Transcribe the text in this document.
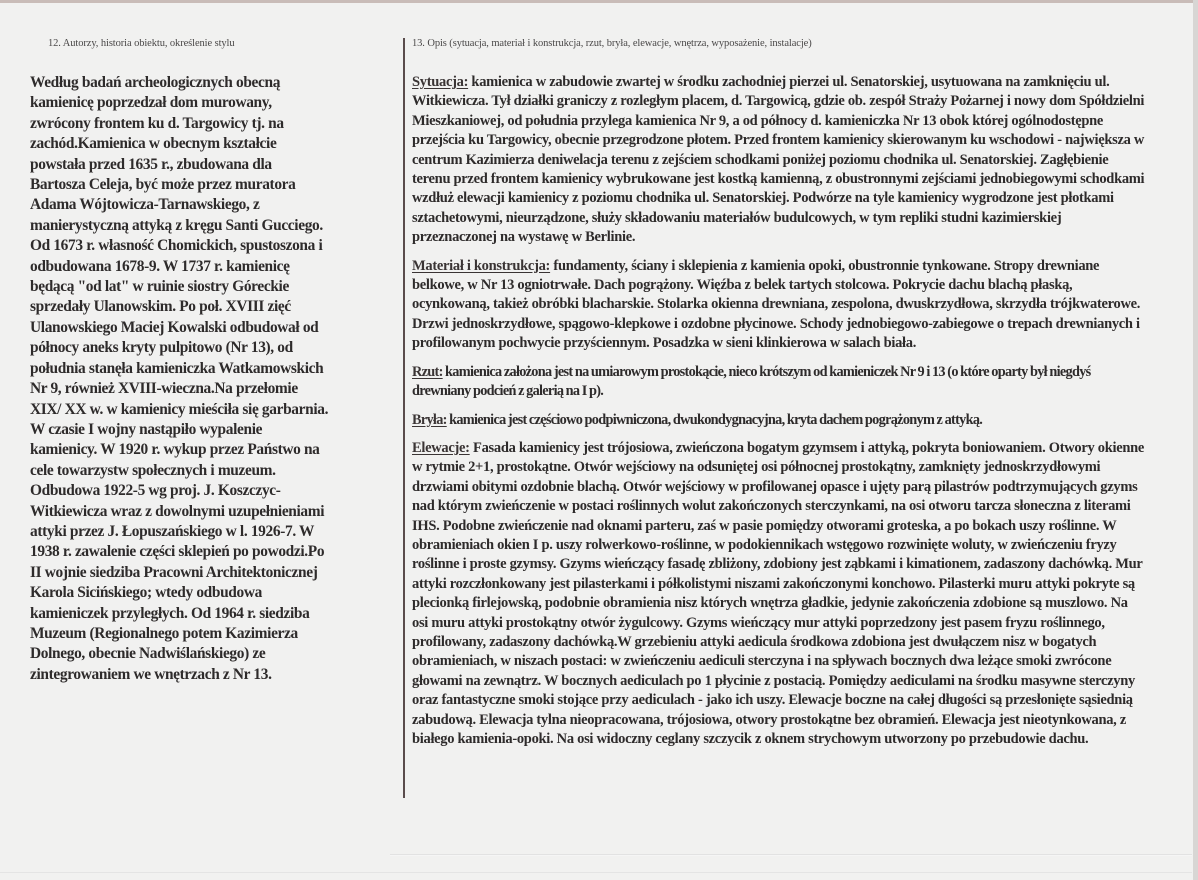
12. Autorzy, historia obiektu, określenie stylu
Według badań archeologicznych obecną kamienicę poprzedzał dom murowany, zwrócony frontem ku d. Targowicy tj. na zachód.Kamienica w obecnym kształcie powstała przed 1635 r., zbudowana dla Bartosza Celeja, być może przez muratora Adama Wójtowicza-Tarnawskiego, z manierystyczną attyką z kręgu Santi Gucciego. Od 1673 r. własność Chomickich, spustoszona i odbudowana 1678-9. W 1737 r. kamienicę będącą "od lat" w ruinie siostry Góreckie sprzedały Ulanowskim. Po poł. XVIII zięć Ulanowskiego Maciej Kowalski odbudował od północy aneks kryty pulpitowo (Nr 13), od południa stanęła kamieniczka Watkamowskich Nr 9, również XVIII-wieczna.Na przełomie XIX/ XX w. w kamienicy mieściła się garbarnia. W czasie I wojny nastąpiło wypalenie kamienicy. W 1920 r. wykup przez Państwo na cele towarzystw społecznych i muzeum. Odbudowa 1922-5 wg proj. J. Koszczyc-Witkiewicza wraz z dowolnymi uzupełnieniami attyki przez J. Łopuszańskiego w l. 1926-7. W 1938 r. zawalenie części sklepień po powodzi.Po II wojnie siedziba Pracowni Architektonicznej Karola Sicińskiego; wtedy odbudowa kamieniczek przyległych. Od 1964 r. siedziba Muzeum (Regionalnego potem Kazimierza Dolnego, obecnie Nadwiślańskiego) ze zintegrowaniem we wnętrzach z Nr 13.
13. Opis (sytuacja, materiał i konstrukcja, rzut, bryła, elewacje, wnętrza, wyposażenie, instalacje)

Sytuacja: kamienica w zabudowie zwartej w środku zachodniej pierzei ul. Senatorskiej, usytuowana na zamknięciu ul. Witkiewicza. Tył działki graniczy z rozległym placem, d. Targowicą, gdzie ob. zespół Straży Pożarnej i nowy dom Spółdzielni Mieszkaniowej, od południa przylega kamienica Nr 9, a od północy d. kamieniczka Nr 13 obok której ogólnodostępne przejścia ku Targowicy, obecnie przegrodzone płotem. Przed frontem kamienicy skierowanym ku wschodowi - największa w centrum Kazimierza deniwelacja terenu z zejściem schodkami poniżej poziomu chodnika ul. Senatorskiej. Zagłębienie terenu przed frontem kamienicy wybrukowane jest kostką kamienną, z obustronnymi zejściami jednobiegowymi schodkami wzdłuż elewacji kamienicy z poziomu chodnika ul. Senatorskiej. Podwórze na tyle kamienicy wygrodzone jest płotkami sztachetowymi, nieurządzone, służy składowaniu materiałów budulcowych, w tym repliki studni kazimierskiej przeznaczonej na wystawę w Berlinie.

Materiał i konstrukcja: fundamenty, ściany i sklepienia z kamienia opoki, obustronnie tynkowane. Stropy drewniane belkowe, w Nr 13 ogniotrwałe. Dach pogrążony. Więźba z belek tartych stolcowa. Pokrycie dachu blachą płaską, ocynkowaną, takież obróbki blacharskie. Stolarka okienna drewniana, zespolona, dwuskrzydłowa, skrzydła trójkwaterowe. Drzwi jednoskrzydłowe, spągowo-klepkowe i ozdobne płycinowe. Schody jednobiegowo-zabiegowe o trepach drewnianych i profilowanym pochwycie przyściennym. Posadzka w sieni klinkierowa w salach biała.

Rzut: kamienica założona jest na umiarowym prostokącie, nieco krótszym od kamieniczek Nr 9 i 13 (o które oparty był niegdyś drewniany podcień z galerią na I p).

Bryła: kamienica jest częściowo podpiwniczona, dwukondygnacyjna, kryta dachem pogrążonym z attyką.

Elewacje: Fasada kamienicy jest trójosiowa, zwieńczona bogatym gzymsem i attyką, pokryta boniowaniem. Otwory okienne w rytmie 2+1, prostokątne. Otwór wejściowy na odsuniętej osi północnej prostokątny, zamknięty jednoskrzydłowymi drzwiami obitymi ozdobnie blachą. Otwór wejściowy w profilowanej opasce i ujęty parą pilastrów podtrzymujących gzyms nad którym zwieńczenie w postaci roślinnych wolut zakończonych sterczynkami, na osi otworu tarcza słoneczna z literami IHS. Podobne zwieńczenie nad oknami parteru, zaś w pasie pomiędzy otworami groteska, a po bokach uszy roślinne. W obramieniach okien I p. uszy rolwerkowo-roślinne, w podokiennikach wstęgowo rozwinięte woluty, w zwieńczeniu fryzy roślinne i proste gzymsy. Gzyms wieńczący fasadę zbliżony, zdobiony jest ząbkami i kimationem, zadaszony dachówką. Mur attyki rozczłonkowany jest pilasterkami i półkolistymi niszami zakończonymi konchowo. Pilasterki muru attyki pokryte są plecionką firlejowską, podobnie obramienia nisz których wnętrza gładkie, jedynie zakończenia zdobione są muszlowo. Na osi muru attyki prostokątny otwór żygulcowy. Gzyms wieńczący mur attyki poprzedzony jest pasem fryzu roślinnego, profilowany, zadaszony dachówką.W grzebieniu attyki aedicula środkowa zdobiona jest dwułączem nisz w bogatych obramieniach, w niszach postaci: w zwieńczeniu aediculi sterczyna i na spływach bocznych dwa leżące smoki zwrócone głowami na zewnątrz. W bocznych aediculach po 1 płycinie z postacią. Pomiędzy aediculami na środku masywne sterczyny oraz fantastyczne smoki stojące przy aediculach - jako ich uszy. Elewacje boczne na całej długości są przesłonięte sąsiednią zabudową. Elewacja tylna nieopracowana, trójosiowa, otwory prostokątne bez obramień. Elewacja jest nieotynkowana, z białego kamienia-opoki. Na osi widoczny ceglany szczycik z oknem strychowym utworzony po przebudowie dachu.
